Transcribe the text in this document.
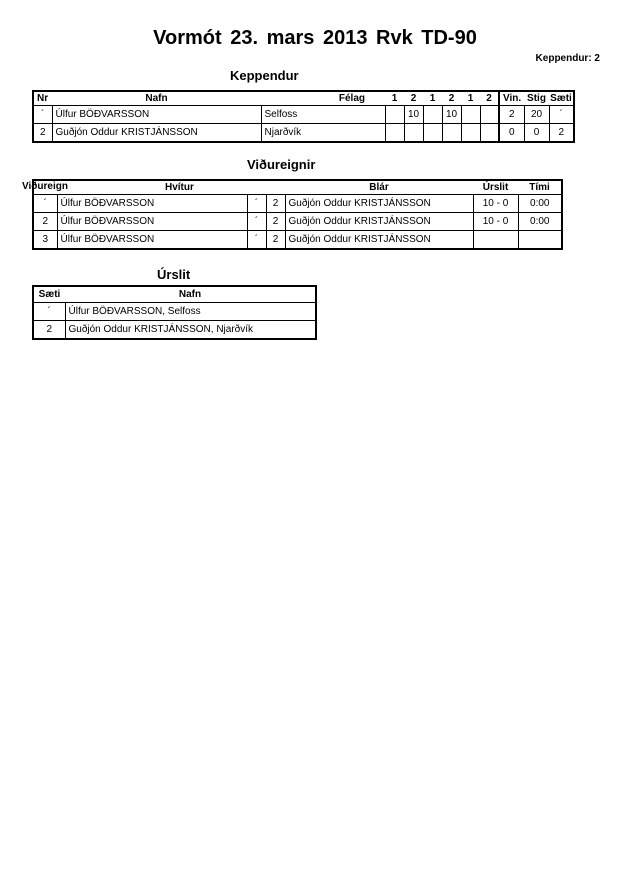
Vormót 23. mars 2013 Rvk TD-90
Keppendur: 2
Keppendur
Nr	Nafn	Félag	1	2	1	2	1	2	Vin.	Stig	Sæti
´	Úlfur BÖÐVARSSON	Selfoss		10		10			2	20	´
2	Guðjón Oddur KRISTJÁNSSON	Njarðvík							0	0	2
Viðureignir
Viðureign
		Hvítur			Blár	Úrslit	Tími
´	Úlfur BÖÐVARSSON	´	2	Guðjón Oddur KRISTJÁNSSON	10 - 0	0:00
2	Úlfur BÖÐVARSSON	´	2	Guðjón Oddur KRISTJÁNSSON	10 - 0	0:00
3	Úlfur BÖÐVARSSON	´	2	Guðjón Oddur KRISTJÁNSSON		
Úrslit
Sæti	Nafn
´	Úlfur BÖÐVARSSON, Selfoss
2	Guðjón Oddur KRISTJÁNSSON, Njarðvík
